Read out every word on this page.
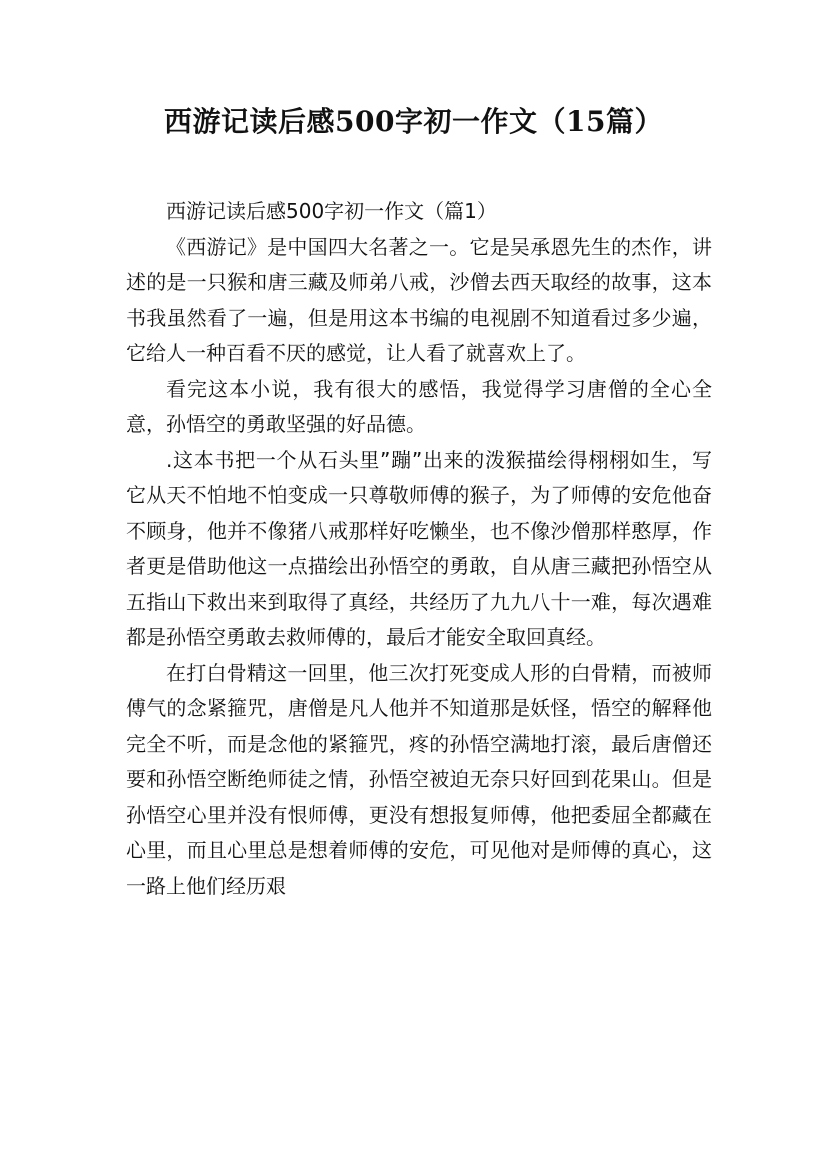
西游记读后感500字初一作文（15篇）

西游记读后感500字初一作文（篇1）

《西游记》是中国四大名著之一。它是吴承恩先生的杰作，讲述的是一只猴和唐三藏及师弟八戒，沙僧去西天取经的故事，这本书我虽然看了一遍，但是用这本书编的电视剧不知道看过多少遍，它给人一种百看不厌的感觉，让人看了就喜欢上了。

看完这本小说，我有很大的感悟，我觉得学习唐僧的全心全意，孙悟空的勇敢坚强的好品德。

.这本书把一个从石头里”蹦”出来的泼猴描绘得栩栩如生，写它从天不怕地不怕变成一只尊敬师傅的猴子，为了师傅的安危他奋不顾身，他并不像猪八戒那样好吃懒坐，也不像沙僧那样憨厚，作者更是借助他这一点描绘出孙悟空的勇敢，自从唐三藏把孙悟空从五指山下救出来到取得了真经，共经历了九九八十一难，每次遇难都是孙悟空勇敢去救师傅的，最后才能安全取回真经。

在打白骨精这一回里，他三次打死变成人形的白骨精，而被师傅气的念紧箍咒，唐僧是凡人他并不知道那是妖怪，悟空的解释他完全不听，而是念他的紧箍咒，疼的孙悟空满地打滚，最后唐僧还要和孙悟空断绝师徒之情，孙悟空被迫无奈只好回到花果山。但是孙悟空心里并没有恨师傅，更没有想报复师傅，他把委屈全都藏在心里，而且心里总是想着师傅的安危，可见他对是师傅的真心，这一路上他们经历艰
